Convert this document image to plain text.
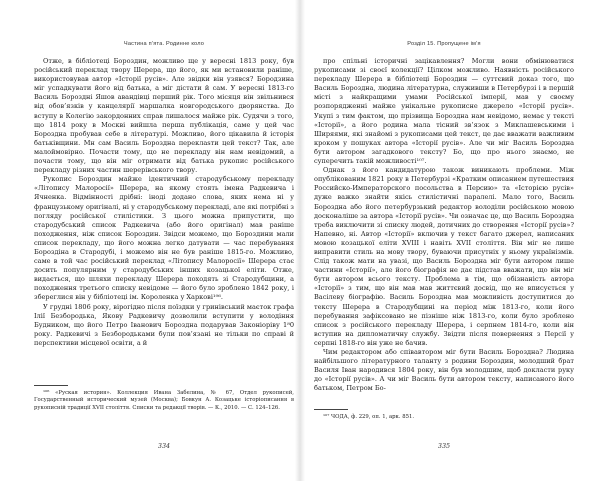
Частина п’ята. Родинне коло

Отже, в бібліотеці Бороздин, можливо ще у вересні 1813 року, був російський переклад твору Шерера, що його, як ми встановили раніше, використовував автор «Історії русів». Але звідки він узявся? Бородзина міг успадкувати його від батька, а міг дістати й сам. У вересні 1813-го Василь Бороздні Яшов авандівці перший рік. Того місяця він звільнився від обов’язків у канцелярії маршалка новгородського дворянства. До вступу в Колегію закордонних справ лишалося майже рік. Судячи з того, що 1814 року в Москві вийшла перша публікація, саме у цей час Бороздна пробував себе в літературі. Можливо, його цікавила й історія батьківщини. Мн сам Василь Бороздна переклasти цей текст? Так, але малоймовірно. Почасти тому, що не перекладу він нам невідомий, а почасти тому, що він міг отримати від батька рукопис російського перекладу різних частин шерерівського твору.

Рукопис Бороздин майже ідентичний стародубському перекладу «Літопису Малоросії» Шерера, на якому стоять імена Радкевича і Ячненка. Відмінності дрібні: іноді додано слова, яких нема ні у французькому оригіналі, ні у стародубському перекладі, але які потрібні з погляду російської стилістики. З цього можна припустити, що стародубський список Радкевича (або його оригінал) мав раніше походження, ніж список Бороздин. Звідси можемо, що Бороздини мали список перекладу, що його можна легко датувати — час перебування Бороздіна в Стародубі, і можемо він не був раніше 1815-го. Можливо, саме в той час російський переклад «Літопису Малоросії» Шерера стає досить популярним у стародубських інших козацької еліти. Отже, видається, що шляхи перекладу Шерера походять зі Стародубщини, а походження третього списку невідоме — його було зроблено 1842 року, і збереглися він у бібліотеці ім. Короленка у Харкові¹⁰⁶.

У грудні 1806 року, вірогідно після поїздки у гринівський маєток графа Ілії Безбородька, Якову Радкевичу дозволили вступити у володіння Будником, що його Петро Іванович Бороздна подарував Законіоріву 1⁸0 року. Радкевичі з Безбородьками були пов’язані не тільки по справі й перспективи місцевої освіти, а й

¹⁰⁶ «Руская история». Коллекция Ивана Забелина, № 67, Отдел рукописей, Государственный исторический музей (Москва); Бовкун А. Козацьке історіописання в рукописній традиції XVII століття. Списки та редакції творів. — К., 2010. — С. 124–126.

334
Розділ 15. Пропущене ім’я

про спільні історичні зацікавлення? Могли вони обмінюватися рукописами зі своєї колекції? Цілком можливо. Наявність російського перекладу Шерера в бібліотеці Бороздин — суттєвий доказ того, що Василь Бороздна, людина літературна, служивши в Петербурзі і в першій місті з найкращими умами Російської імперії, мав у своєму розпорядженні майже унікальне рукописне джерело «Історії русів». Укупі з тим фактом, що прізвища Бороздна нам невідомо, немає у тексті «Історії», а його родина мала тісний зв’язок з Миклашевськими і Ширяями, які знайомі з рукописами цей текст, це дає вважати важливим кроком у пошуках автора «Історії русів». Але чи міг Василь Бороздна бути автором загадкового тексту? Бо, що про нього знаємо, не суперечить такій можливості¹⁰⁷.

Однак з його кандидатурою також виникають проблеми. Між опублікованим 1821 року в Петербурзі «Кратким описанием путешествия Российско-Императорского посольства в Персию» та «Історією русів» дуже важко знайти якісь стилістичні паралелі. Мало того, Василь Бороздна або його петербурзький редактор володіли російською мовою досконаліше за автора «Історії русів». Чи означає це, що Василь Бороздна треба виключити зі списку людей, дотичних до створення «Історії русів»? Напевно, ні. Автор «Історії» включив у текст багато джерел, написаних мовою козацької еліти XVIII і навіть XVII століття. Він міг не лише виправити стиль на мову твору, буваючи присутніх у ньому українізмів. Слід також мати на увазі, що Василь Бороздна міг бути автором лише частини «Історії», але його біографія не дає підстав вважати, що він міг бути автором всього тексту. Проблема в тім, що обізнаність автора «Історії» з тим, що він мав мав життєвий досвід, що не вписується у Васілеву біографію. Василь Бороздна мав можливість доступитися до тексту Шерера в Стародубщині на період між 1813-го, коли його перебування зафіксовано не пізніше ніж 1813-го, коли було зроблено список з російського перекладу Шерера, і серпнем 1814-го, коли він вступив на дипломатичну службу. Звідти після повернення з Персії у серпні 1818-го він уже не бачив.

Чим редактором або співавтором міг бути Василь Бороздна? Людина найбільшого літературного таланту з родини Бороздин, молодший брат Василя Іван народився 1804 року, він був молодшим, щоб докласти руку до «Історії русів». А чи міг Василь бути автором тексту, написаного його батьком, Петром Бо-

¹⁰⁷ ЧОДА, ф. 229, оп. 1, арк. 851.

335
